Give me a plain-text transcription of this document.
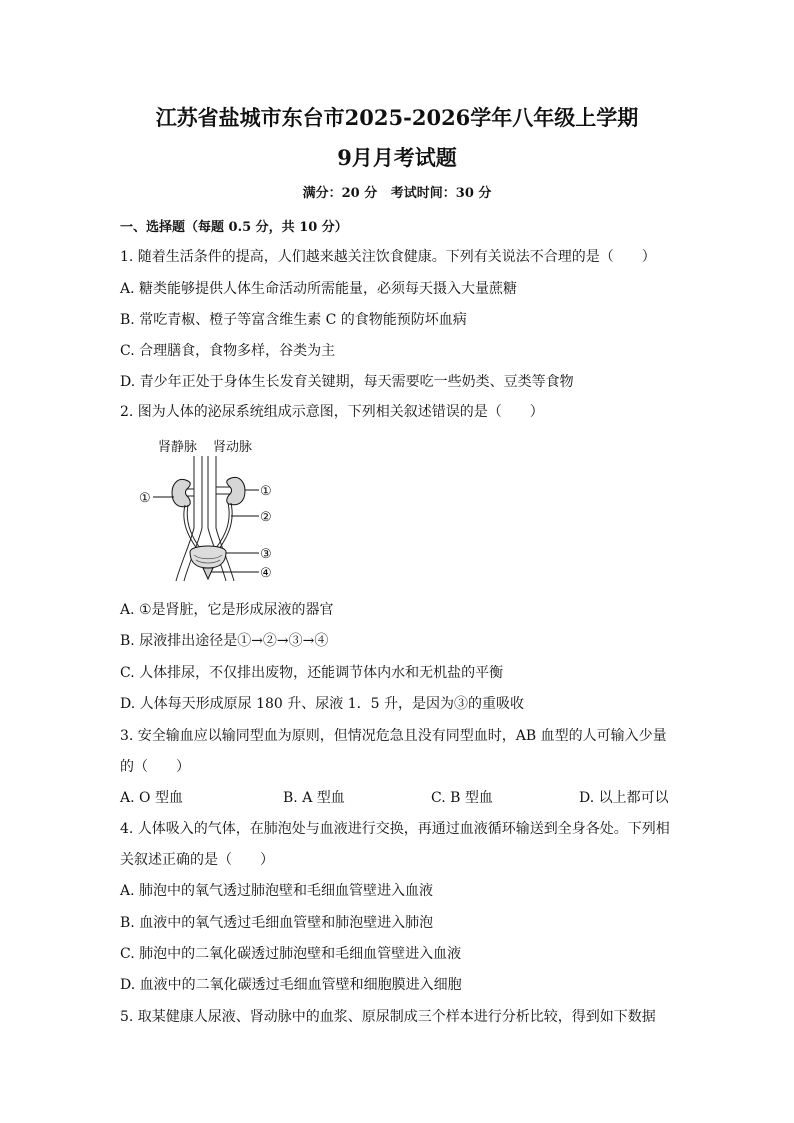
江苏省盐城市东台市2025-2026学年八年级上学期
9月月考试题
满分：20 分   考试时间：30 分
一、选择题（每题 0.5 分，共 10 分）
1. 随着生活条件的提高，人们越来越关注饮食健康。下列有关说法不合理的是（　　）
A. 糖类能够提供人体生命活动所需能量，必须每天摄入大量蔗糖
B. 常吃青椒、橙子等富含维生素 C 的食物能预防坏血病
C. 合理膳食，食物多样，谷类为主
D. 青少年正处于身体生长发育关键期，每天需要吃一些奶类、豆类等食物
2. 图为人体的泌尿系统组成示意图，下列相关叙述错误的是（　　）
肾静脉 肾动脉
①	①
②
③
④
A. ①是肾脏，它是形成尿液的器官
B. 尿液排出途径是①→②→③→④
C. 人体排尿，不仅排出废物，还能调节体内水和无机盐的平衡
D. 人体每天形成原尿 180 升、尿液 1．5 升，是因为③的重吸收
3. 安全输血应以输同型血为原则，但情况危急且没有同型血时，AB 血型的人可输入少量
的（　　）
A. O 型血	B. A 型血	C. B 型血	D. 以上都可以
4. 人体吸入的气体，在肺泡处与血液进行交换，再通过血液循环输送到全身各处。下列相
关叙述正确的是（　　）
A. 肺泡中的氧气透过肺泡壁和毛细血管壁进入血液
B. 血液中的氧气透过毛细血管壁和肺泡壁进入肺泡
C. 肺泡中的二氧化碳透过肺泡壁和毛细血管壁进入血液
D. 血液中的二氧化碳透过毛细血管壁和细胞膜进入细胞
5. 取某健康人尿液、肾动脉中的血浆、原尿制成三个样本进行分析比较，得到如下数据
